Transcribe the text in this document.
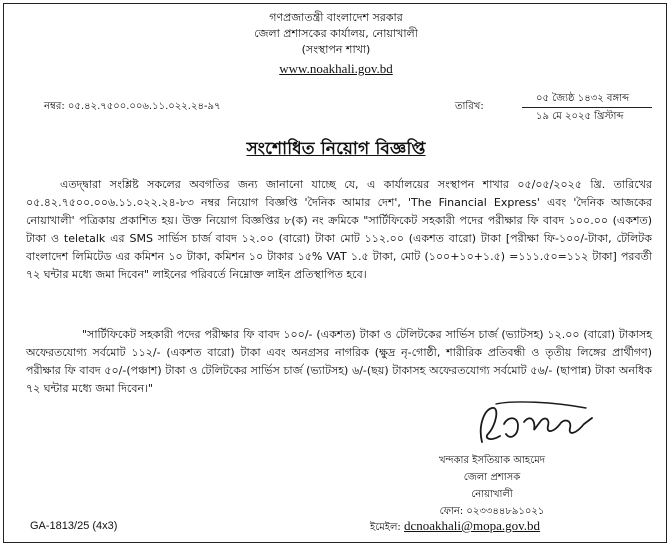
গণপ্রজাতন্ত্রী বাংলাদেশ সরকার
জেলা প্রশাসকের কার্যালয়, নোয়াখালী
(সংস্থাপন শাখা)
www.noakhali.gov.bd
নম্বর: ০৫.৪২.৭৫০০.০০৬.১১.০২২.২৪-৯৭	তারিখ:
০৫ জ্যৈষ্ঠ ১৪৩২ বঙ্গাব্দ
১৯ মে ২০২৫ খ্রিস্টাব্দ
সংশোধিত নিয়োগ বিজ্ঞপ্তি
এতদ্দ্বারা সংশ্লিষ্ট সকলের অবগতির জন্য জানানো যাচ্ছে যে, এ কার্যালয়ের সংস্থাপন শাখার ০৫/০৫/২০২৫ খ্রি. তারিখের ০৫.৪২.৭৫০০.০০৬.১১.০২২.২৪-৮৩ নম্বর নিয়োগ বিজ্ঞপ্তি 'দৈনিক আমার দেশ', 'The Financial Express' এবং 'দৈনিক আজকের নোয়াখালী' পত্রিকায় প্রকাশিত হয়। উক্ত নিয়োগ বিজ্ঞপ্তির ৮(ক) নং ক্রমিকে "সার্টিফিকেট সহকারী পদের পরীক্ষার ফি বাবদ ১০০.০০ (একশত) টাকা ও teletalk এর SMS সার্ভিস চার্জ বাবদ ১২.০০ (বারো) টাকা মোট ১১২.০০ (একশত বারো) টাকা [পরীক্ষা ফি-১০০/-টাকা, টেলিটক বাংলাদেশ লিমিটেড এর কমিশন ১০ টাকা, কমিশন ১০ টাকার ১৫% VAT ১.৫ টাকা, মোট (১০০+১০+১.৫) =১১১.৫০=১১২ টাকা] পরবর্তী ৭২ ঘন্টার মধ্যে জমা দিবেন" লাইনের পরিবর্তে নিম্নোক্ত লাইন প্রতিস্থাপিত হবে।
"সার্টিফিকেট সহকারী পদের পরীক্ষার ফি বাবদ ১০০/- (একশত) টাকা ও টেলিটকের সার্ভিস চার্জ (ভ্যাটসহ) ১২.০০ (বারো) টাকাসহ অফেরতযোগ্য সর্বমোট ১১২/- (একশত বারো) টাকা এবং অনগ্রসর নাগরিক (ক্ষুদ্র নৃ-গোষ্ঠী, শারীরিক প্রতিবন্ধী ও তৃতীয় লিঙ্গের প্রার্থীগণ) পরীক্ষার ফি বাবদ ৫০/-(পঞ্চাশ) টাকা ও টেলিটকের সার্ভিস চার্জ (ভ্যাটসহ) ৬/-(ছয়) টাকাসহ অফেরতযোগ্য সর্বমোট ৫৬/- (ছাপান্ন) টাকা অনধিক ৭২ ঘন্টার মধ্যে জমা দিবেন।"
খন্দকার ইসতিয়াক আহমেদ
জেলা প্রশাসক
নোয়াখালী
ফোন: ০২৩৩৪৪৮৯১০২১
GA-1813/25 (4x3)	ইমেইল: dcnoakhali@mopa.gov.bd
